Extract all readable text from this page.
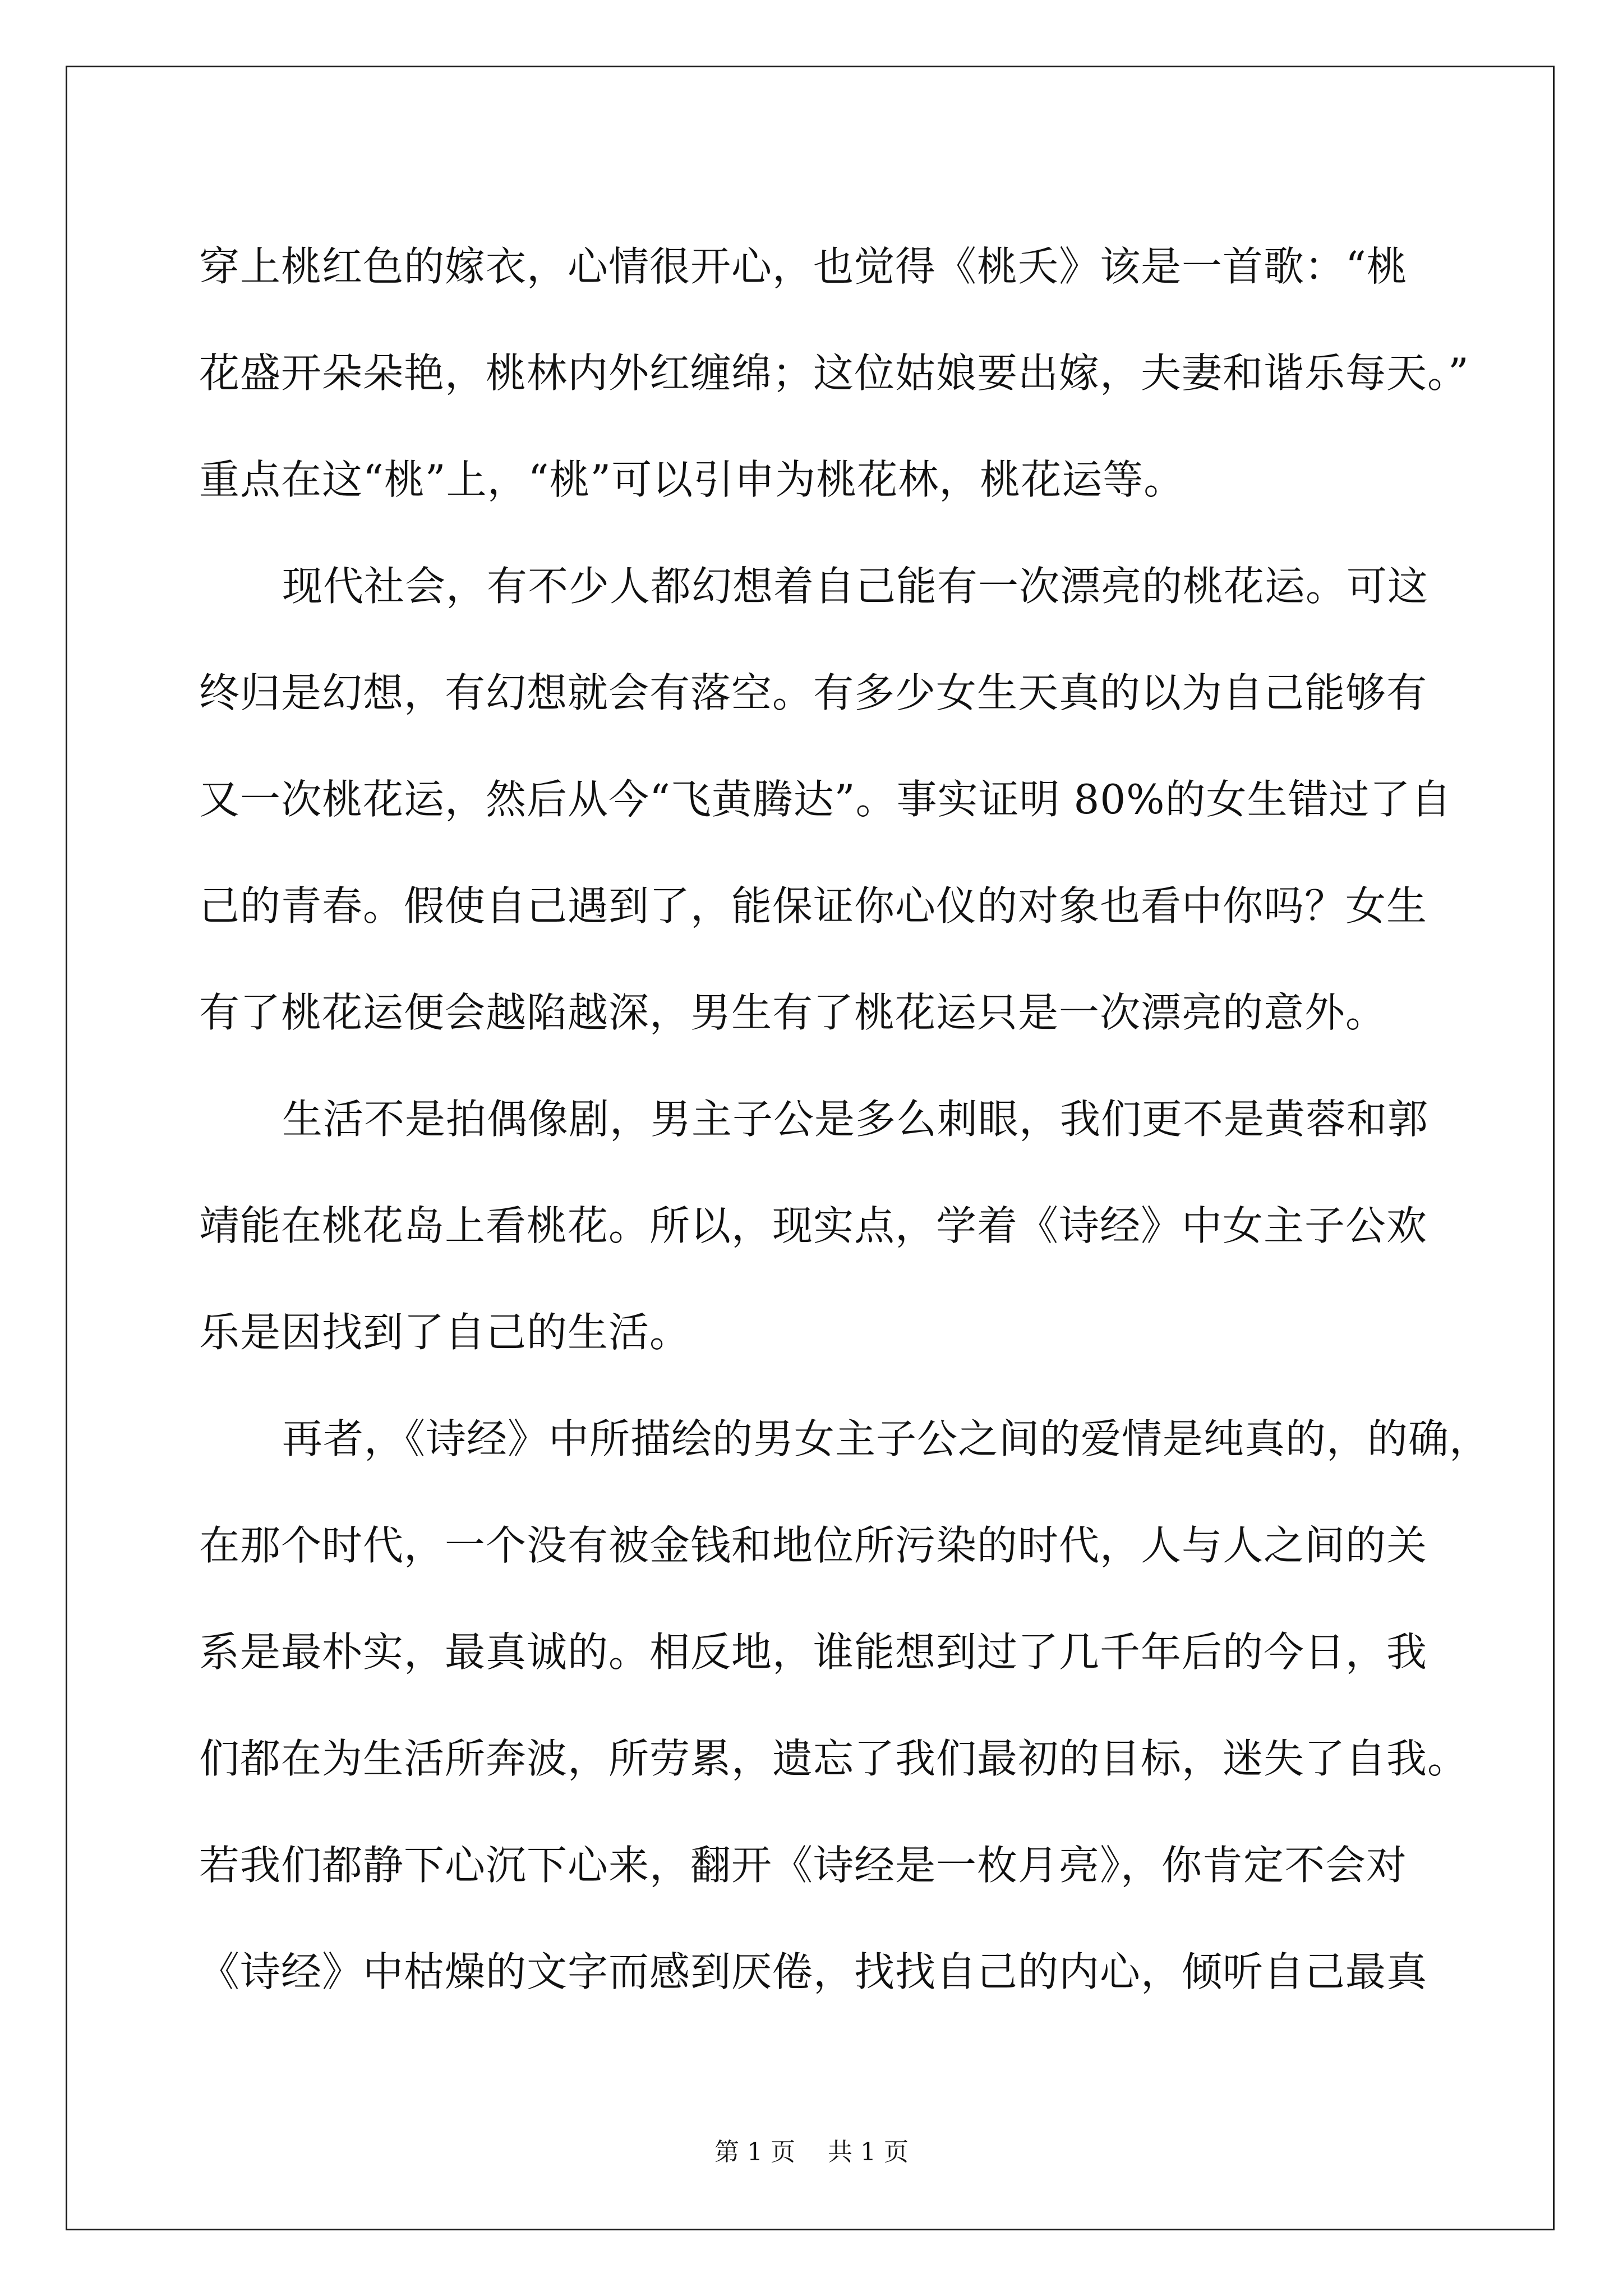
穿上桃红色的嫁衣，心情很开心，也觉得《桃夭》该是一首歌：“桃
花盛开朵朵艳，桃林内外红缠绵；这位姑娘要出嫁，夫妻和谐乐每天。”
重点在这“桃”上，“桃”可以引申为桃花林，桃花运等。
现代社会，有不少人都幻想着自己能有一次漂亮的桃花运。可这
终归是幻想，有幻想就会有落空。有多少女生天真的以为自己能够有
又一次桃花运，然后从今“飞黄腾达”。事实证明 80%的女生错过了自
己的青春。假使自己遇到了，能保证你心仪的对象也看中你吗？女生
有了桃花运便会越陷越深，男生有了桃花运只是一次漂亮的意外。
生活不是拍偶像剧，男主子公是多么刺眼，我们更不是黄蓉和郭
靖能在桃花岛上看桃花。所以，现实点，学着《诗经》中女主子公欢
乐是因找到了自己的生活。
再者，《诗经》中所描绘的男女主子公之间的爱情是纯真的，的确，
在那个时代，一个没有被金钱和地位所污染的时代，人与人之间的关
系是最朴实，最真诚的。相反地，谁能想到过了几千年后的今日，我
们都在为生活所奔波，所劳累，遗忘了我们最初的目标，迷失了自我。
若我们都静下心沉下心来，翻开《诗经是一枚月亮》，你肯定不会对
《诗经》中枯燥的文字而感到厌倦，找找自己的内心，倾听自己最真
第 1 页 共 1 页
